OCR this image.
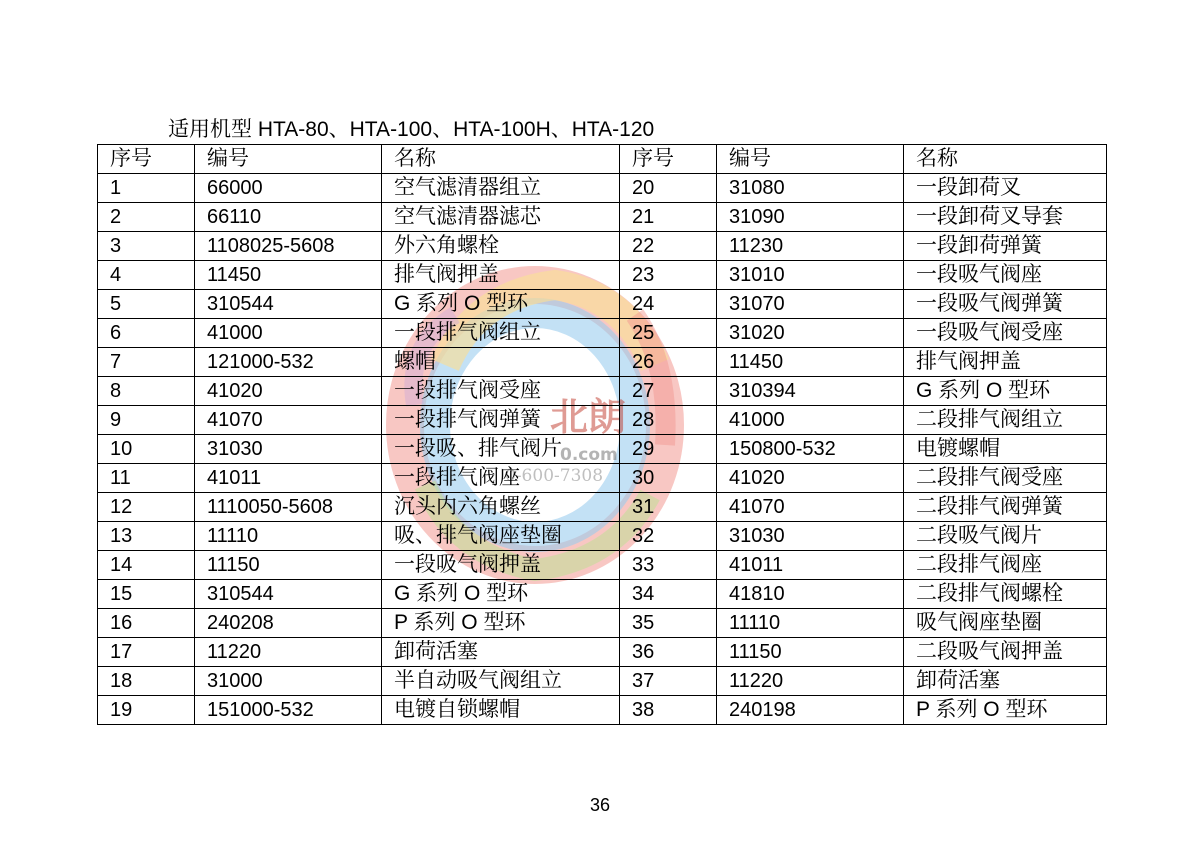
北朗
0.com
0-600-7308
适用机型 HTA-80、HTA-100、HTA-100H、HTA-120
序号	编号	名称	序号	编号	名称
1	66000	空气滤清器组立	20	31080	一段卸荷叉
2	66110	空气滤清器滤芯	21	31090	一段卸荷叉导套
3	1108025-5608	外六角螺栓	22	11230	一段卸荷弹簧
4	11450	排气阀押盖	23	31010	一段吸气阀座
5	310544	G 系列 O 型环	24	31070	一段吸气阀弹簧
6	41000	一段排气阀组立	25	31020	一段吸气阀受座
7	121000-532	螺帽	26	11450	排气阀押盖
8	41020	一段排气阀受座	27	310394	G 系列 O 型环
9	41070	一段排气阀弹簧	28	41000	二段排气阀组立
10	31030	一段吸、排气阀片	29	150800-532	电镀螺帽
11	41011	一段排气阀座	30	41020	二段排气阀受座
12	1110050-5608	沉头内六角螺丝	31	41070	二段排气阀弹簧
13	11110	吸、排气阀座垫圈	32	31030	二段吸气阀片
14	11150	一段吸气阀押盖	33	41011	二段排气阀座
15	310544	G 系列 O 型环	34	41810	二段排气阀螺栓
16	240208	P 系列 O 型环	35	11110	吸气阀座垫圈
17	11220	卸荷活塞	36	11150	二段吸气阀押盖
18	31000	半自动吸气阀组立	37	11220	卸荷活塞
19	151000-532	电镀自锁螺帽	38	240198	P 系列 O 型环
36
